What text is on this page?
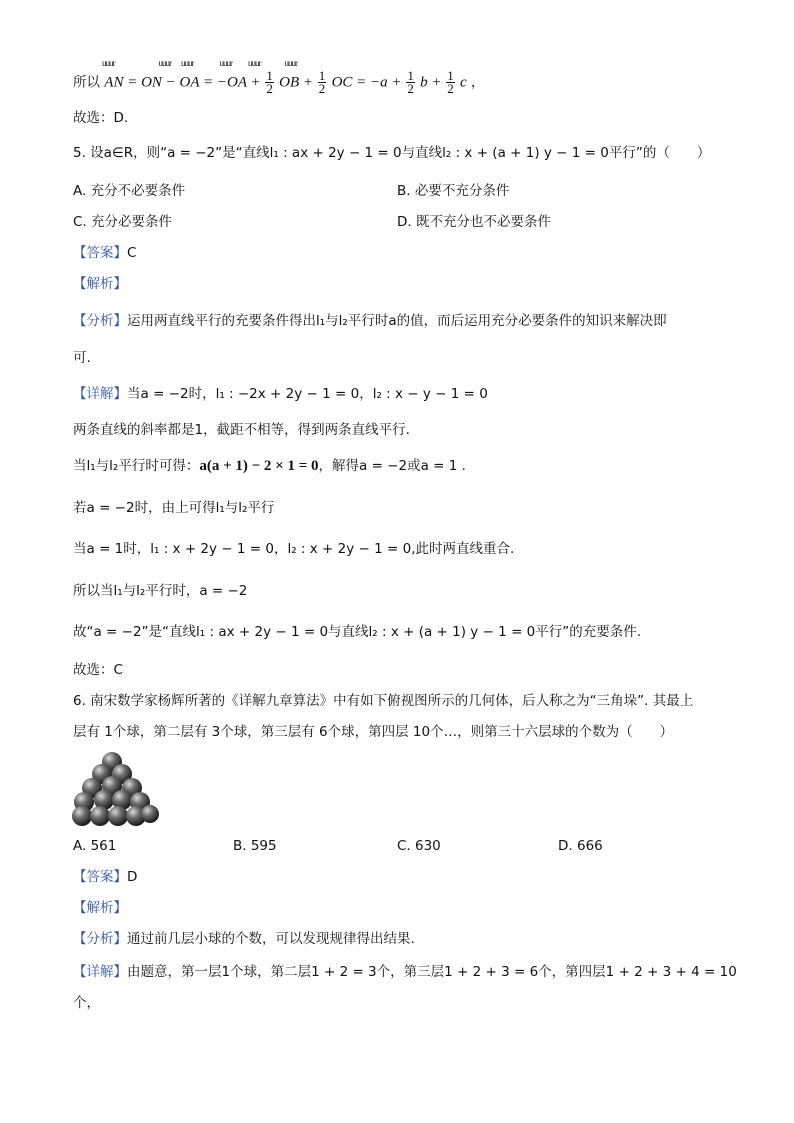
所以 AN = ON − OA = $-OA + \frac{1}{2}$ OB + $\frac{1}{2}$ OC = $-a + \frac{1}{2}$ $b + \frac{1}{2}$ c ，
uuur	uuur uuur	uuur uuur	uuur
故选：D.
5. 设a∈R，则“a = −2”是“直线l₁ : ax + 2y − 1 = 0与直线l₂ : x + (a + 1) y − 1 = 0平行”的（　　）
A. 充分不必要条件	B. 必要不充分条件
C. 充分必要条件	D. 既不充分也不必要条件
【答案】C
【解析】
【分析】运用两直线平行的充要条件得出l₁与l₂平行时a的值，而后运用充分必要条件的知识来解决即
可.
【详解】当a = −2时，l₁ : −2x + 2y − 1 = 0，l₂ : x − y − 1 = 0
两条直线的斜率都是1，截距不相等，得到两条直线平行.
当l₁与l₂平行时可得：a(a + 1) − 2 × 1 = 0，解得a = −2或a = 1 .
若a = −2时，由上可得l₁与l₂平行
当a = 1时，l₁ : x + 2y − 1 = 0，l₂ : x + 2y − 1 = 0,此时两直线重合.
所以当l₁与l₂平行时，a = −2
故“a = −2”是“直线l₁ : ax + 2y − 1 = 0与直线l₂ : x + (a + 1) y − 1 = 0平行”的充要条件.
故选：C
6. 南宋数学家杨辉所著的《详解九章算法》中有如下俯视图所示的几何体，后人称之为“三角垛”. 其最上
层有 1个球，第二层有 3个球，第三层有 6个球，第四层 10个…，则第三十六层球的个数为（　　）
A. 561	B. 595	C. 630	D. 666
【答案】D
【解析】
【分析】通过前几层小球的个数，可以发现规律得出结果.
【详解】由题意，第一层1个球，第二层1 + 2 = 3个，第三层1 + 2 + 3 = 6个，第四层1 + 2 + 3 + 4 = 10
个，
